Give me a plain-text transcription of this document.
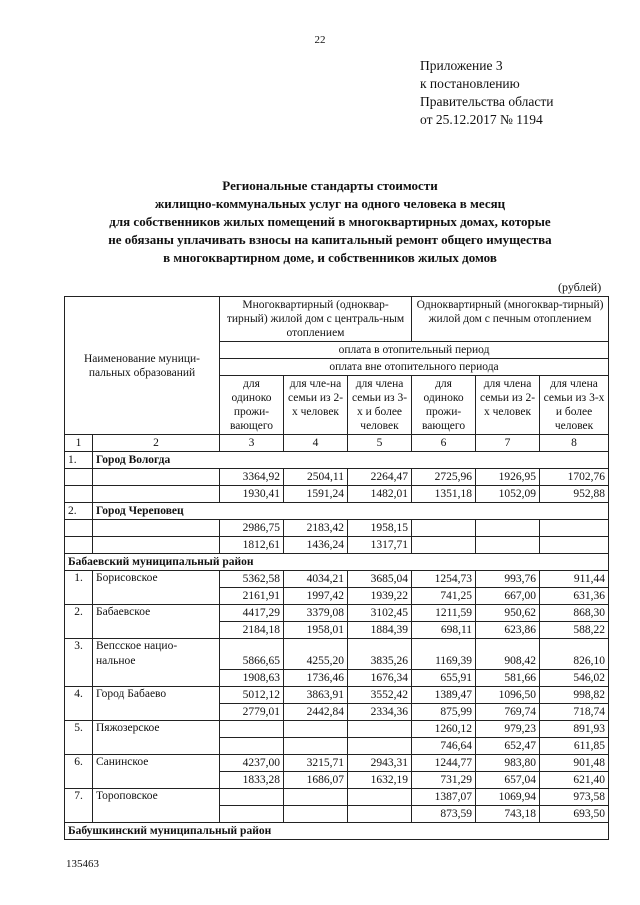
22
Приложение 3
к постановлению
Правительства области
от 25.12.2017 № 1194
Региональные стандарты стоимости
жилищно-коммунальных услуг на одного человека в месяц
для собственников жилых помещений в многоквартирных домах, которые
не обязаны уплачивать взносы на капитальный ремонт общего имущества
в многоквартирном доме, и собственников жилых домов
(рублей)
Наименование муници-пальных образований		Многоквартирный (одноквар-тирный) жилой дом с централь-ным отоплением			Одноквартирный (многоквар-тирный) жилой дом с печным отоплением		
		оплата в отопительный период					
		оплата вне отопительного периода					
		для одиноко прожи-вающего	для чле-на семьи из 2-х человек	для члена семьи из 3-х и более человек	для одиноко прожи-вающего	для члена семьи из 2-х человек	для члена семьи из 3-х и более человек
1	2	3	4	5	6	7	8
1.	Город Вологда						
		3364,92	2504,11	2264,47	2725,96	1926,95	1702,76
		1930,41	1591,24	1482,01	1351,18	1052,09	952,88
2.	Город Череповец						
		2986,75	2183,42	1958,15			
		1812,61	1436,24	1317,71			
Бабаевский муниципальный район							
1.	Борисовское	5362,58	4034,21	3685,04	1254,73	993,76	911,44
		2161,91	1997,42	1939,22	741,25	667,00	631,36
2.	Бабаевское	4417,29	3379,08	3102,45	1211,59	950,62	868,30
		2184,18	1958,01	1884,39	698,11	623,86	588,22
3.	Вепсское нацио-нальное	5866,65	4255,20	3835,26	1169,39	908,42	826,10
		1908,63	1736,46	1676,34	655,91	581,66	546,02
4.	Город Бабаево	5012,12	3863,91	3552,42	1389,47	1096,50	998,82
		2779,01	2442,84	2334,36	875,99	769,74	718,74
5.	Пяжозерское				1260,12	979,23	891,93
					746,64	652,47	611,85
6.	Санинское	4237,00	3215,71	2943,31	1244,77	983,80	901,48
		1833,28	1686,07	1632,19	731,29	657,04	621,40
7.	Тороповское				1387,07	1069,94	973,58
					873,59	743,18	693,50
Бабушкинский муниципальный район							
135463
